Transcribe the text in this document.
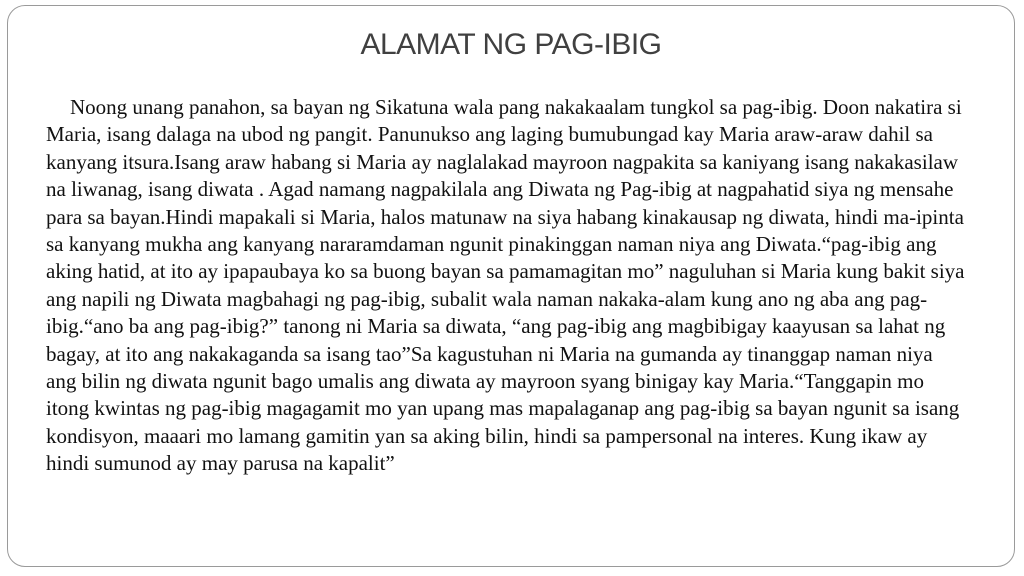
ALAMAT NG PAG-IBIG

Noong unang panahon, sa bayan ng Sikatuna wala pang nakakaalam tungkol sa pag-ibig. Doon nakatira si Maria, isang dalaga na ubod ng pangit. Panunukso ang laging bumubungad kay Maria araw-araw dahil sa kanyang itsura.Isang araw habang si Maria ay naglalakad mayroon nagpakita sa kaniyang isang nakakasilaw na liwanag, isang diwata . Agad namang nagpakilala ang Diwata ng Pag-ibig at nagpahatid siya ng mensahe para sa bayan.Hindi mapakali si Maria, halos matunaw na siya habang kinakausap ng diwata, hindi ma-ipinta sa kanyang mukha ang kanyang nararamdaman ngunit pinakinggan naman niya ang Diwata.“pag-ibig ang aking hatid, at ito ay ipapaubaya ko sa buong bayan sa pamamagitan mo” naguluhan si Maria kung bakit siya ang napili ng Diwata magbahagi ng pag-ibig, subalit wala naman nakaka-alam kung ano ng aba ang pag-ibig.“ano ba ang pag-ibig?” tanong ni Maria sa diwata, “ang pag-ibig ang magbibigay kaayusan sa lahat ng bagay, at ito ang nakakaganda sa isang tao”Sa kagustuhan ni Maria na gumanda ay tinanggap naman niya ang bilin ng diwata ngunit bago umalis ang diwata ay mayroon syang binigay kay Maria.“Tanggapin mo itong kwintas ng pag-ibig magagamit mo yan upang mas mapalaganap ang pag-ibig sa bayan ngunit sa isang kondisyon, maaari mo lamang gamitin yan sa aking bilin, hindi sa pampersonal na interes. Kung ikaw ay hindi sumunod ay may parusa na kapalit”
